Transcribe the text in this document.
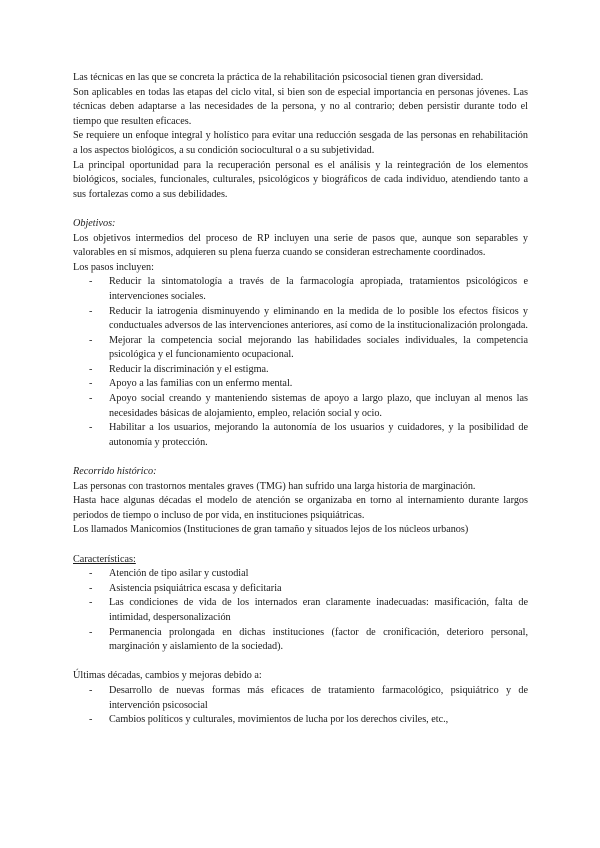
Las técnicas en las que se concreta la práctica de la rehabilitación psicosocial tienen gran diversidad.

Son aplicables en todas las etapas del ciclo vital, si bien son de especial importancia en personas jóvenes. Las técnicas deben adaptarse a las necesidades de la persona, y no al contrario; deben persistir durante todo el tiempo que resulten eficaces.

Se requiere un enfoque integral y holístico para evitar una reducción sesgada de las personas en rehabilitación a los aspectos biológicos, a su condición sociocultural o a su subjetividad.

La principal oportunidad para la recuperación personal es el análisis y la reintegración de los elementos biológicos, sociales, funcionales, culturales, psicológicos y biográficos de cada individuo, atendiendo tanto a sus fortalezas como a sus debilidades.

Objetivos:

Los objetivos intermedios del proceso de RP incluyen una serie de pasos que, aunque son separables y valorables en sí mismos, adquieren su plena fuerza cuando se consideran estrechamente coordinados.

Los pasos incluyen:

- Reducir la sintomatología a través de la farmacología apropiada, tratamientos psicológicos e intervenciones sociales.
- Reducir la iatrogenia disminuyendo y eliminando en la medida de lo posible los efectos físicos y conductuales adversos de las intervenciones anteriores, así como de la institucionalización prolongada.
- Mejorar la competencia social mejorando las habilidades sociales individuales, la competencia psicológica y el funcionamiento ocupacional.
- Reducir la discriminación y el estigma.
- Apoyo a las familias con un enfermo mental.
- Apoyo social creando y manteniendo sistemas de apoyo a largo plazo, que incluyan al menos las necesidades básicas de alojamiento, empleo, relación social y ocio.
- Habilitar a los usuarios, mejorando la autonomía de los usuarios y cuidadores, y la posibilidad de autonomía y protección.

Recorrido histórico:

Las personas con trastornos mentales graves (TMG) han sufrido una larga historia de marginación.

Hasta hace algunas décadas el modelo de atención se organizaba en torno al internamiento durante largos periodos de tiempo o incluso de por vida, en instituciones psiquiátricas.

Los llamados Manicomios (Instituciones de gran tamaño y situados lejos de los núcleos urbanos)

Características:

- Atención de tipo asilar y custodial
- Asistencia psiquiátrica escasa y deficitaria
- Las condiciones de vida de los internados eran claramente inadecuadas: masificación, falta de intimidad, despersonalización
- Permanencia prolongada en dichas instituciones (factor de cronificación, deterioro personal, marginación y aislamiento de la sociedad).

Últimas décadas, cambios y mejoras debido a:

- Desarrollo de nuevas formas más eficaces de tratamiento farmacológico, psiquiátrico y de intervención psicosocial
- Cambios políticos y culturales, movimientos de lucha por los derechos civiles, etc.,
